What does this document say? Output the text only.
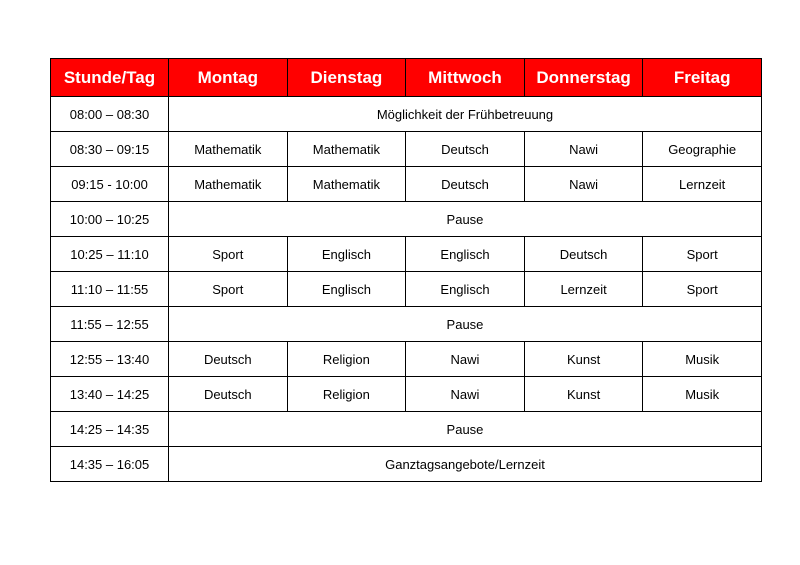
Stunde/Tag	Montag	Dienstag	Mittwoch	Donnerstag	Freitag
08:00 – 08:30	Möglichkeit der Frühbetreuung				
08:30 – 09:15	Mathematik	Mathematik	Deutsch	Nawi	Geographie
09:15 - 10:00	Mathematik	Mathematik	Deutsch	Nawi	Lernzeit
10:00 – 10:25	Pause				
10:25 – 11:10	Sport	Englisch	Englisch	Deutsch	Sport
11:10 – 11:55	Sport	Englisch	Englisch	Lernzeit	Sport
11:55 – 12:55	Pause				
12:55 – 13:40	Deutsch	Religion	Nawi	Kunst	Musik
13:40 – 14:25	Deutsch	Religion	Nawi	Kunst	Musik
14:25 – 14:35	Pause				
14:35 – 16:05	Ganztagsangebote/Lernzeit				
